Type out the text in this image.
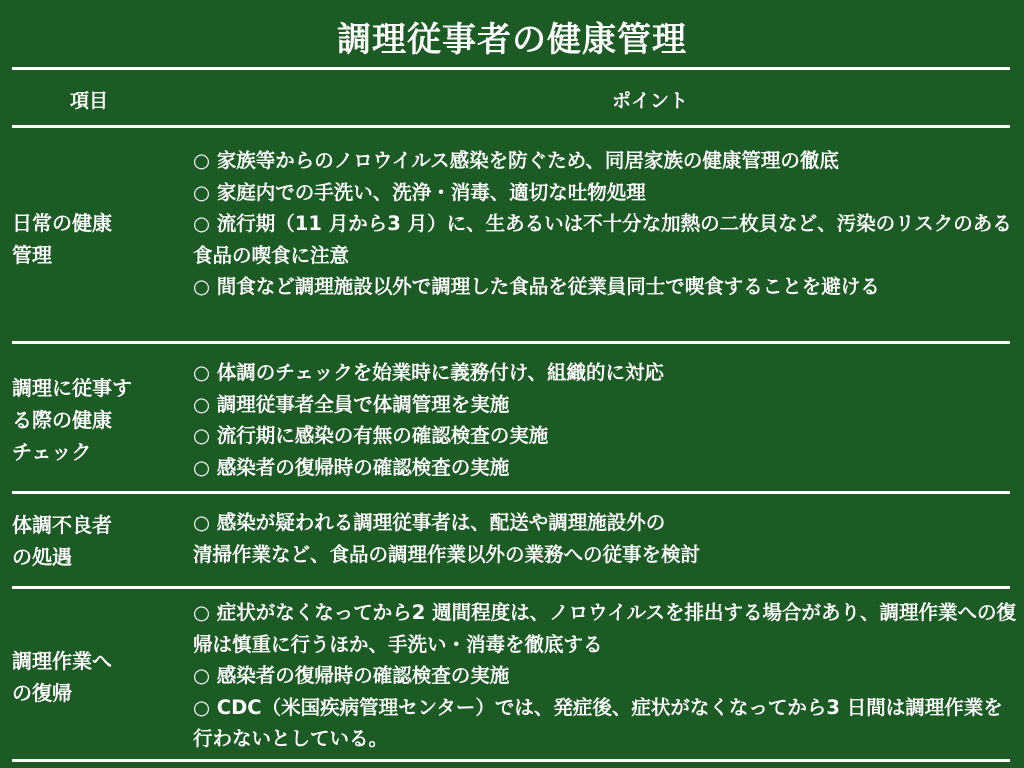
調理従事者の健康管理
項目	ポイント
日常の健康
管理
○ 家族等からのノロウイルス感染を防ぐため、同居家族の健康管理の徹底
○ 家庭内での手洗い、洗浄・消毒、適切な吐物処理
○ 流行期（11 月から3 月）に、生あるいは不十分な加熱の二枚貝など、汚染のリスクのある食品の喫食に注意
○ 間食など調理施設以外で調理した食品を従業員同士で喫食することを避ける
調理に従事す
る際の健康
チェック
○ 体調のチェックを始業時に義務付け、組織的に対応
○ 調理従事者全員で体調管理を実施
○ 流行期に感染の有無の確認検査の実施
○ 感染者の復帰時の確認検査の実施
体調不良者
の処遇
○ 感染が疑われる調理従事者は、配送や調理施設外の
清掃作業など、食品の調理作業以外の業務への従事を検討
調理作業へ
の復帰
○ 症状がなくなってから2 週間程度は、ノロウイルスを排出する場合があり、調理作業への復帰は慎重に行うほか、手洗い・消毒を徹底する
○ 感染者の復帰時の確認検査の実施
○ CDC（米国疾病管理センター）では、発症後、症状がなくなってから3 日間は調理作業を行わないとしている。
